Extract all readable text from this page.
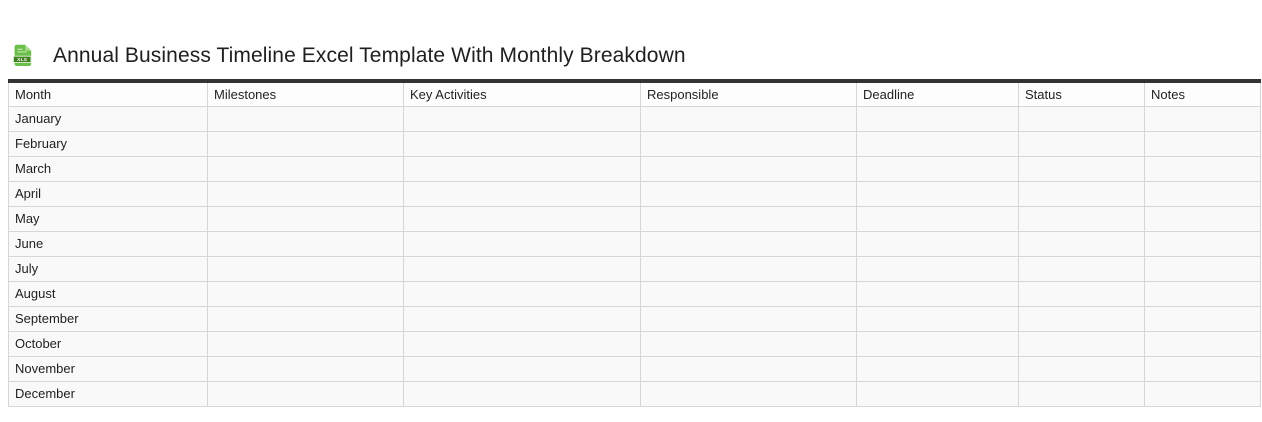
XLS Annual Business Timeline Excel Template With Monthly Breakdown
Month	Milestones	Key Activities	Responsible	Deadline	Status	Notes
January						
February						
March						
April						
May						
June						
July						
August						
September						
October						
November						
December						
